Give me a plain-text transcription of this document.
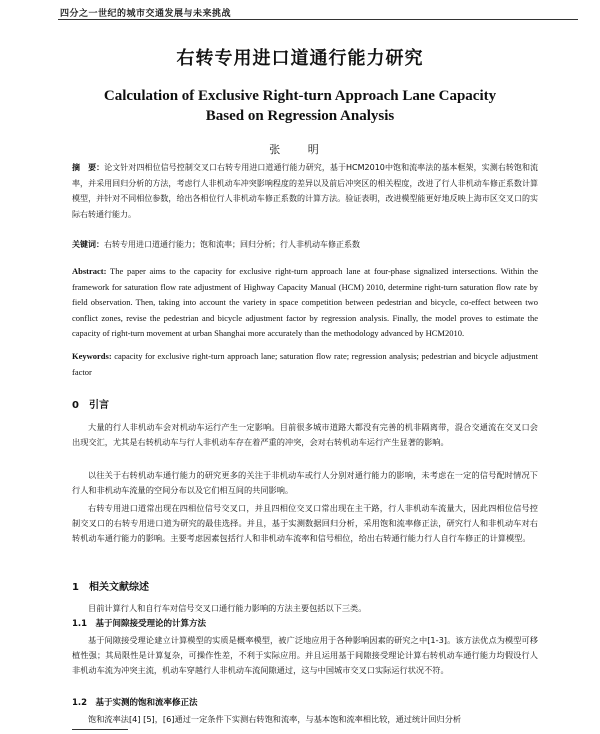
四分之一世纪的城市交通发展与未来挑战
右转专用进口道通行能力研究
Calculation of Exclusive Right-turn Approach Lane Capacity
Based on Regression Analysis
张 明
摘　要：论文针对四相位信号控制交叉口右转专用进口道通行能力研究，基于HCM2010中饱和流率法的基本框架，实测右转饱和流率，并采用回归分析的方法，考虑行人非机动车冲突影响程度的差异以及前后冲突区的相关程度，改进了行人非机动车修正系数计算模型，并针对不同相位参数，给出各相位行人非机动车修正系数的计算方法。验证表明，改进模型能更好地反映上海市区交叉口的实际右转通行能力。
关键词：右转专用进口道通行能力；饱和流率；回归分析；行人非机动车修正系数
Abstract: The paper aims to the capacity for exclusive right-turn approach lane at four-phase signalized intersections. Within the framework for saturation flow rate adjustment of Highway Capacity Manual (HCM) 2010, determine right-turn saturation flow rate by field observation. Then, taking into account the variety in space competition between pedestrian and bicycle, co-effect between two conflict zones, revise the pedestrian and bicycle adjustment factor by regression analysis. Finally, the model proves to estimate the capacity of right-turn movement at urban Shanghai more accurately than the methodology advanced by HCM2010.
Keywords: capacity for exclusive right-turn approach lane; saturation flow rate; regression analysis; pedestrian and bicycle adjustment factor
0　引言
大量的行人非机动车会对机动车运行产生一定影响。目前很多城市道路大都没有完善的机非隔离带，混合交通流在交叉口会出现交汇，尤其是右转机动车与行人非机动车存在着严重的冲突，会对右转机动车运行产生显著的影响。
以往关于右转机动车通行能力的研究更多的关注于非机动车或行人分别对通行能力的影响，未考虑在一定的信号配时情况下行人和非机动车流量的空间分布以及它们相互间的共同影响。
右转专用进口道常出现在四相位信号交叉口，并且四相位交叉口常出现在主干路，行人非机动车流量大，因此四相位信号控制交叉口的右转专用进口道为研究的最佳选择。并且，基于实测数据回归分析，采用饱和流率修正法，研究行人和非机动车对右转机动车通行能力的影响。主要考虑因素包括行人和非机动车流率和信号相位，给出右转通行能力行人自行车修正的计算模型。
1　相关文献综述
目前计算行人和自行车对信号交叉口通行能力影响的方法主要包括以下三类。
1.1　基于间隙接受理论的计算方法
基于间隙接受理论建立计算模型的实质是概率模型，被广泛地应用于各种影响因素的研究之中[1-3]。该方法优点为模型可移植性强；其局限性是计算复杂，可操作性差，不利于实际应用。并且运用基于间隙接受理论计算右转机动车通行能力均假设行人非机动车流为冲突主流，机动车穿越行人非机动车流间隙通过，这与中国城市交叉口实际运行状况不符。
1.2　基于实测的饱和流率修正法
饱和流率法[4] [5]，[6]通过一定条件下实测右转饱和流率，与基本饱和流率相比较，通过统计回归分析
